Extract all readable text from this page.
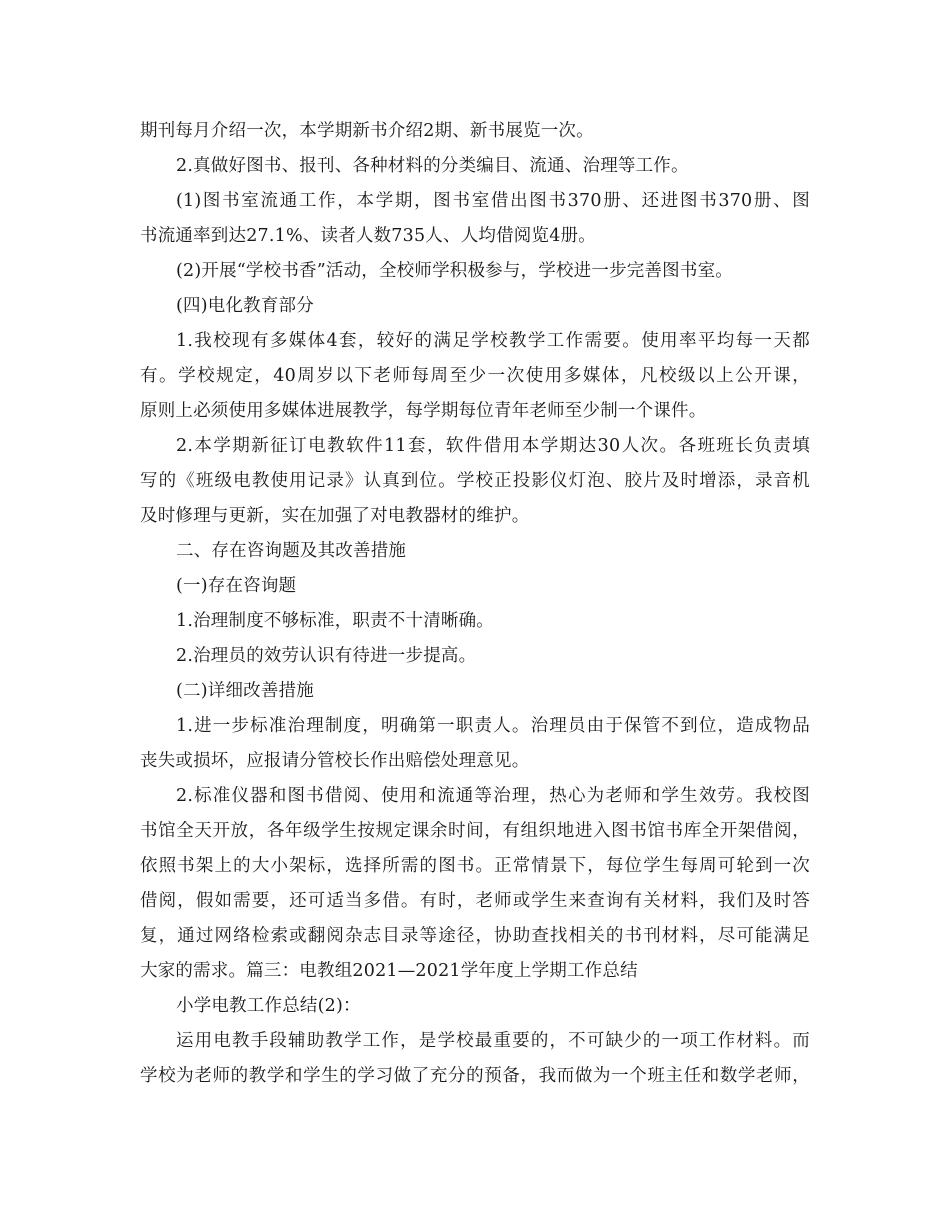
期刊每月介绍一次，本学期新书介绍2期、新书展览一次。
2.真做好图书、报刊、各种材料的分类编目、流通、治理等工作。
(1)图书室流通工作，本学期，图书室借出图书370册、还进图书370册、图
书流通率到达27.1%、读者人数735人、人均借阅览4册。
(2)开展“学校书香”活动，全校师学积极参与，学校进一步完善图书室。
(四)电化教育部分
1.我校现有多媒体4套，较好的满足学校教学工作需要。使用率平均每一天都
有。学校规定，40周岁以下老师每周至少一次使用多媒体，凡校级以上公开课，
原则上必须使用多媒体进展教学，每学期每位青年老师至少制一个课件。
2.本学期新征订电教软件11套，软件借用本学期达30人次。各班班长负责填
写的《班级电教使用记录》认真到位。学校正投影仪灯泡、胶片及时增添，录音机
及时修理与更新，实在加强了对电教器材的维护。
二、存在咨询题及其改善措施
(一)存在咨询题
1.治理制度不够标准，职责不十清晰确。
2.治理员的效劳认识有待进一步提高。
(二)详细改善措施
1.进一步标准治理制度，明确第一职责人。治理员由于保管不到位，造成物品
丧失或损坏，应报请分管校长作出赔偿处理意见。
2.标准仪器和图书借阅、使用和流通等治理，热心为老师和学生效劳。我校图
书馆全天开放，各年级学生按规定课余时间，有组织地进入图书馆书库全开架借阅，
依照书架上的大小架标，选择所需的图书。正常情景下，每位学生每周可轮到一次
借阅，假如需要，还可适当多借。有时，老师或学生来查询有关材料，我们及时答
复，通过网络检索或翻阅杂志目录等途径，协助查找相关的书刊材料，尽可能满足
大家的需求。篇三：电教组2021—2021学年度上学期工作总结
小学电教工作总结(2)：
运用电教手段辅助教学工作，是学校最重要的，不可缺少的一项工作材料。而
学校为老师的教学和学生的学习做了充分的预备，我而做为一个班主任和数学老师，
